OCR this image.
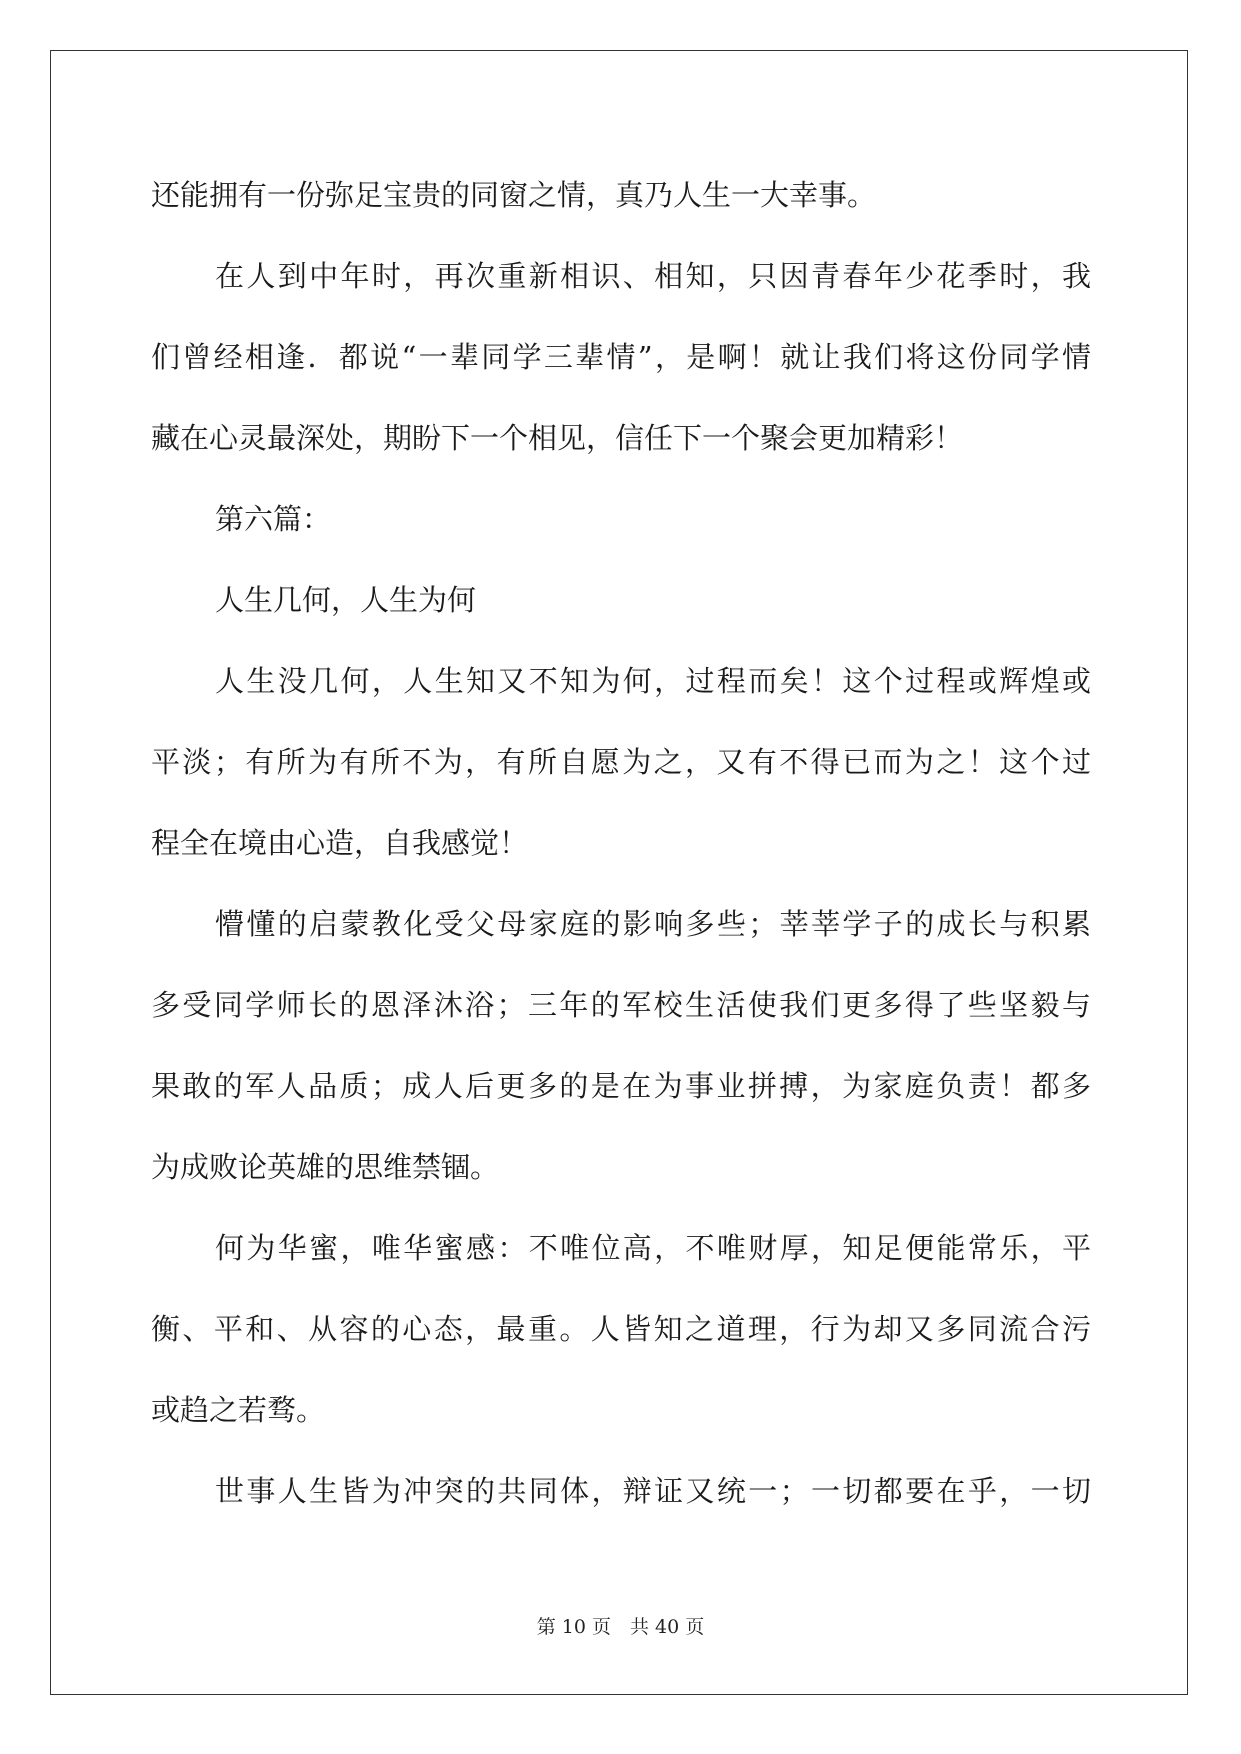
还能拥有一份弥足宝贵的同窗之情，真乃人生一大幸事。
在人到中年时，再次重新相识、相知，只因青春年少花季时，我
们曾经相逢．都说“一辈同学三辈情”，是啊！就让我们将这份同学情
藏在心灵最深处，期盼下一个相见，信任下一个聚会更加精彩！
第六篇：
人生几何，人生为何
人生没几何，人生知又不知为何，过程而矣！这个过程或辉煌或
平淡；有所为有所不为，有所自愿为之，又有不得已而为之！这个过
程全在境由心造，自我感觉！
懵懂的启蒙教化受父母家庭的影响多些；莘莘学子的成长与积累
多受同学师长的恩泽沐浴；三年的军校生活使我们更多得了些坚毅与
果敢的军人品质；成人后更多的是在为事业拼搏，为家庭负责！都多
为成败论英雄的思维禁锢。
何为华蜜，唯华蜜感：不唯位高，不唯财厚，知足便能常乐，平
衡、平和、从容的心态，最重。人皆知之道理，行为却又多同流合污
或趋之若骛。
世事人生皆为冲突的共同体，辩证又统一；一切都要在乎，一切
第 10 页　共 40 页
